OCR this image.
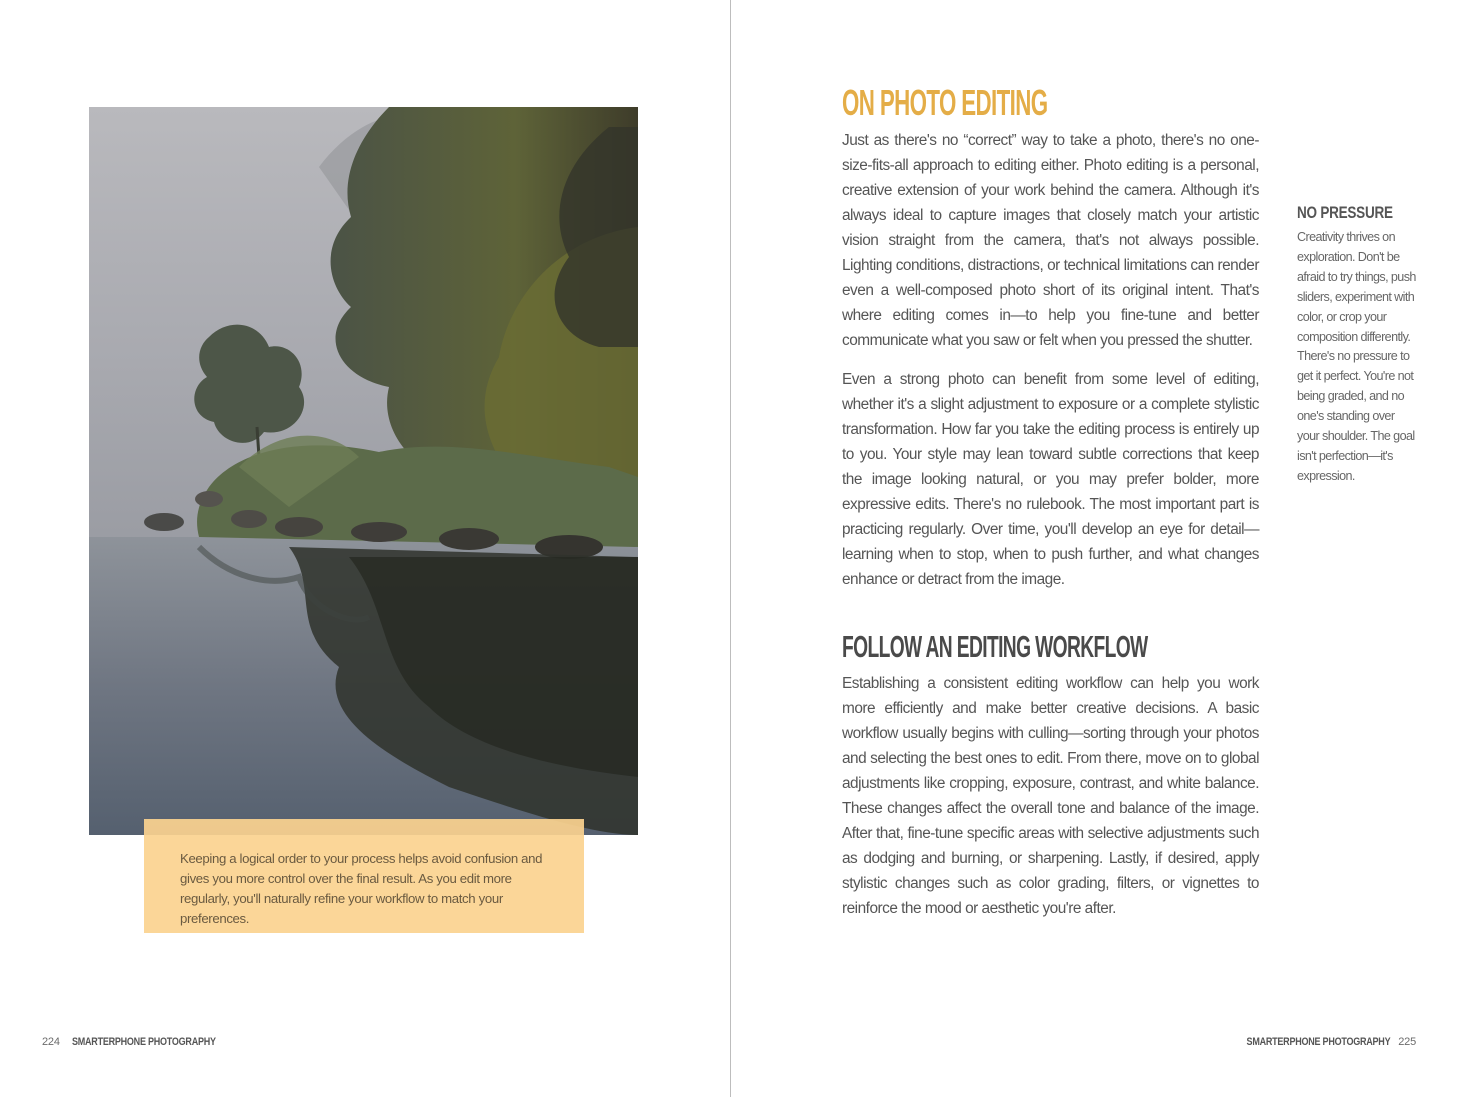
Keeping a logical order to your process helps avoid confusion and gives you more control over the final result. As you edit more regularly, you'll naturally refine your workflow to match your preferences.

224 SMARTERPHONE PHOTOGRAPHY
ON PHOTO EDITING

Just as there's no “correct” way to take a photo, there's no one-size-fits-all approach to editing either. Photo editing is a personal, creative extension of your work behind the camera. Although it's always ideal to capture images that closely match your artistic vision straight from the camera, that's not always possible. Lighting conditions, distractions, or technical limitations can render even a well-composed photo short of its original intent. That's where editing comes in—to help you fine-tune and better communicate what you saw or felt when you pressed the shutter.

Even a strong photo can benefit from some level of editing, whether it's a slight adjustment to exposure or a complete stylistic transformation. How far you take the editing process is entirely up to you. Your style may lean toward subtle corrections that keep the image looking natural, or you may prefer bolder, more expressive edits. There's no rulebook. The most important part is practicing regularly. Over time, you'll develop an eye for detail—learning when to stop, when to push further, and what changes enhance or detract from the image.

FOLLOW AN EDITING WORKFLOW

Establishing a consistent editing workflow can help you work more efficiently and make better creative decisions. A basic workflow usually begins with culling—sorting through your photos and selecting the best ones to edit. From there, move on to global adjustments like cropping, exposure, contrast, and white balance. These changes affect the overall tone and balance of the image. After that, fine-tune specific areas with selective adjustments such as dodging and burning, or sharpening. Lastly, if desired, apply stylistic changes such as color grading, filters, or vignettes to reinforce the mood or aesthetic you're after.

NO PRESSURE

Creativity thrives on exploration. Don't be afraid to try things, push sliders, experiment with color, or crop your composition differently. There's no pressure to get it perfect. You're not being graded, and no one's standing over your shoulder. The goal isn't perfection—it's expression.

SMARTERPHONE PHOTOGRAPHY 225
